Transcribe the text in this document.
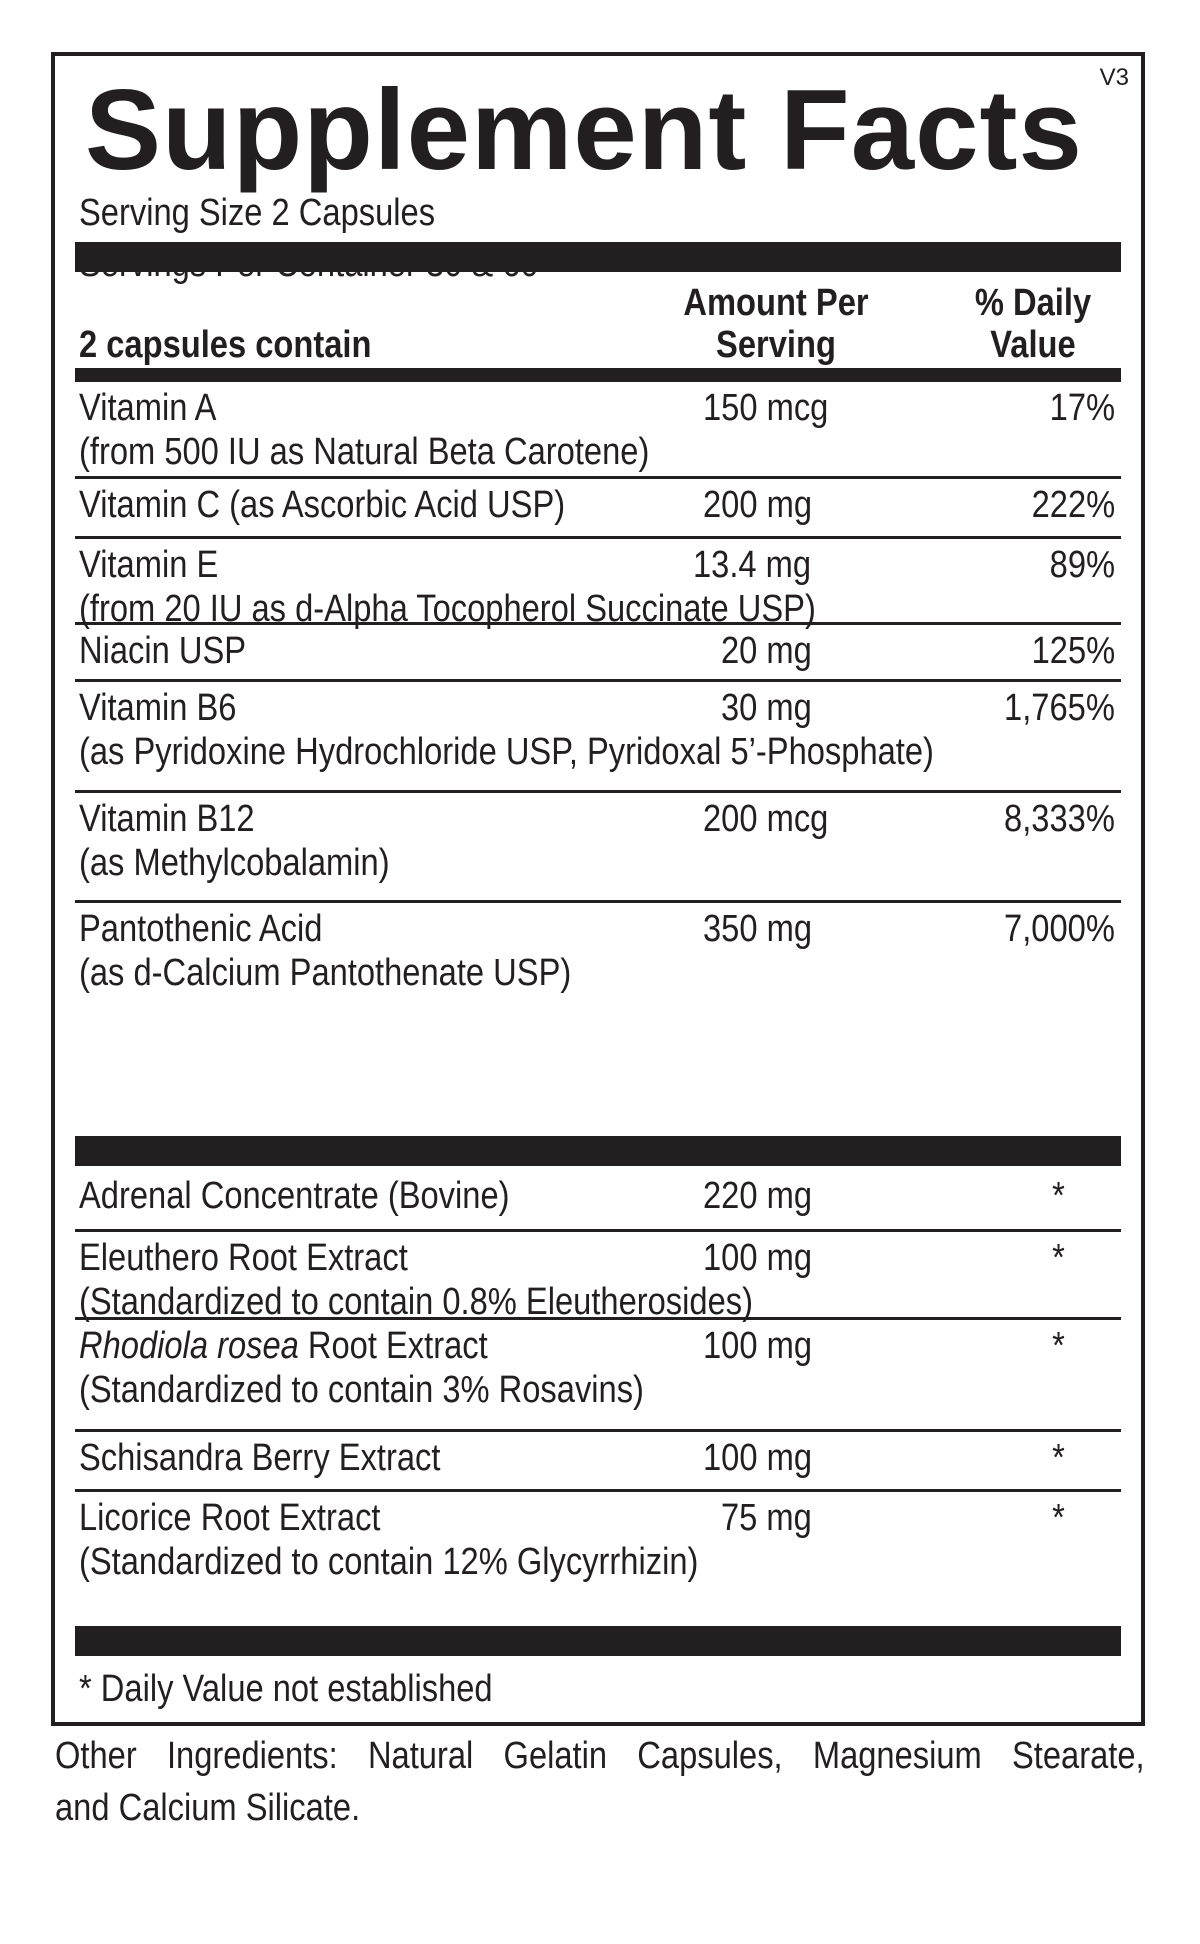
V3
Supplement Facts
Serving Size 2 Capsules
2 capsules contain
Amount Per
Serving
% Daily
Value
Vitamin A
(from 500 IU as Natural Beta Carotene)
150 mcg	17%
Vitamin C (as Ascorbic Acid USP)	200 mg	222%
Vitamin E
(from 20 IU as d-Alpha Tocopherol Succinate USP)
13.4 mg	89%
Niacin USP	20 mg	125%
Vitamin B6
(as Pyridoxine Hydrochloride USP, Pyridoxal 5’-Phosphate)
30 mg	1,765%
Vitamin B12
(as Methylcobalamin)
200 mcg	8,333%
Pantothenic Acid
(as d-Calcium Pantothenate USP)
350 mg	7,000%
Adrenal Concentrate (Bovine)	220 mg	*
Eleuthero Root Extract
(Standardized to contain 0.8% Eleutherosides)
100 mg	*
Rhodiola rosea Root Extract
(Standardized to contain 3% Rosavins)
100 mg	*
Schisandra Berry Extract	100 mg	*
Licorice Root Extract
(Standardized to contain 12% Glycyrrhizin)
75 mg	*
* Daily Value not established
Other Ingredients: Natural Gelatin Capsules, Magnesium Stearate,
and Calcium Silicate.
